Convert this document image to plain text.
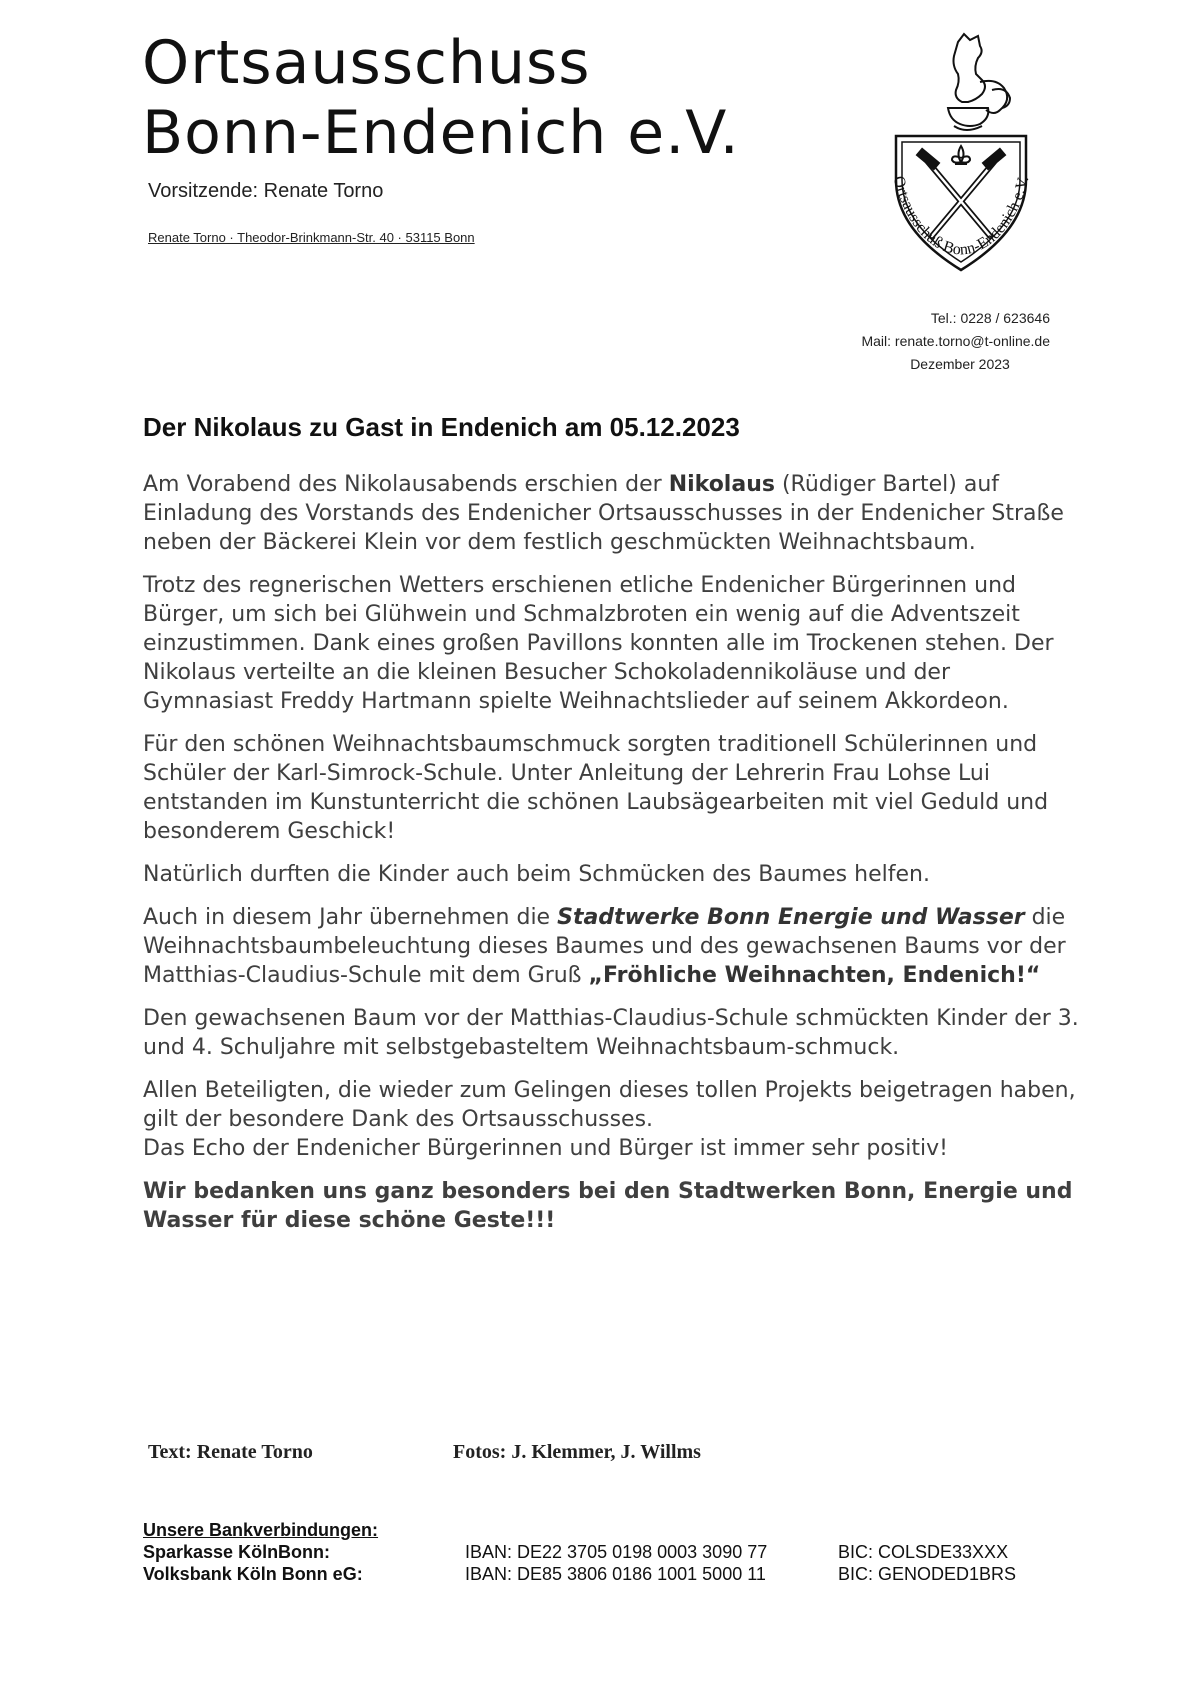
Ortsausschuss
Bonn-Endenich e.V.
Vorsitzende: Renate Torno
Renate Torno · Theodor-Brinkmann-Str. 40 · 53115 Bonn
Ortsausschuß Bonn-Endenich e.V.
Tel.: 0228 / 623646
Mail: renate.torno@t-online.de
Dezember 2023
Der Nikolaus zu Gast in Endenich am 05.12.2023

Am Vorabend des Nikolausabends erschien der Nikolaus (Rüdiger Bartel) auf Einladung des Vorstands des Endenicher Ortsausschusses in der Endenicher Straße neben der Bäckerei Klein vor dem festlich geschmückten Weihnachtsbaum.

Trotz des regnerischen Wetters erschienen etliche Endenicher Bürgerinnen und Bürger, um sich bei Glühwein und Schmalzbroten ein wenig auf die Adventszeit einzustimmen. Dank eines großen Pavillons konnten alle im Trockenen stehen. Der Nikolaus verteilte an die kleinen Besucher Schokoladennikoläuse und der Gymnasiast Freddy Hartmann spielte Weihnachtslieder auf seinem Akkordeon.

Für den schönen Weihnachtsbaumschmuck sorgten traditionell Schülerinnen und Schüler der Karl-Simrock-Schule. Unter Anleitung der Lehrerin Frau Lohse Lui entstanden im Kunstunterricht die schönen Laubsägearbeiten mit viel Geduld und besonderem Geschick!

Natürlich durften die Kinder auch beim Schmücken des Baumes helfen.

Auch in diesem Jahr übernehmen die Stadtwerke Bonn Energie und Wasser die Weihnachtsbaumbeleuchtung dieses Baumes und des gewachsenen Baums vor der Matthias-Claudius-Schule mit dem Gruß „Fröhliche Weihnachten, Endenich!“

Den gewachsenen Baum vor der Matthias-Claudius-Schule schmückten Kinder der 3. und 4. Schuljahre mit selbstgebasteltem Weihnachtsbaum-schmuck.

Allen Beteiligten, die wieder zum Gelingen dieses tollen Projekts beigetragen haben, gilt der besondere Dank des Ortsausschusses.
Das Echo der Endenicher Bürgerinnen und Bürger ist immer sehr positiv!

Wir bedanken uns ganz besonders bei den Stadtwerken Bonn, Energie und Wasser für diese schöne Geste!!!

Text: Renate Torno	Fotos: J. Klemmer, J. Willms
Unsere Bankverbindungen:
Sparkasse KölnBonn:	IBAN: DE22 3705 0198 0003 3090 77	BIC: COLSDE33XXX
Volksbank Köln Bonn eG:	IBAN: DE85 3806 0186 1001 5000 11	BIC: GENODED1BRS
